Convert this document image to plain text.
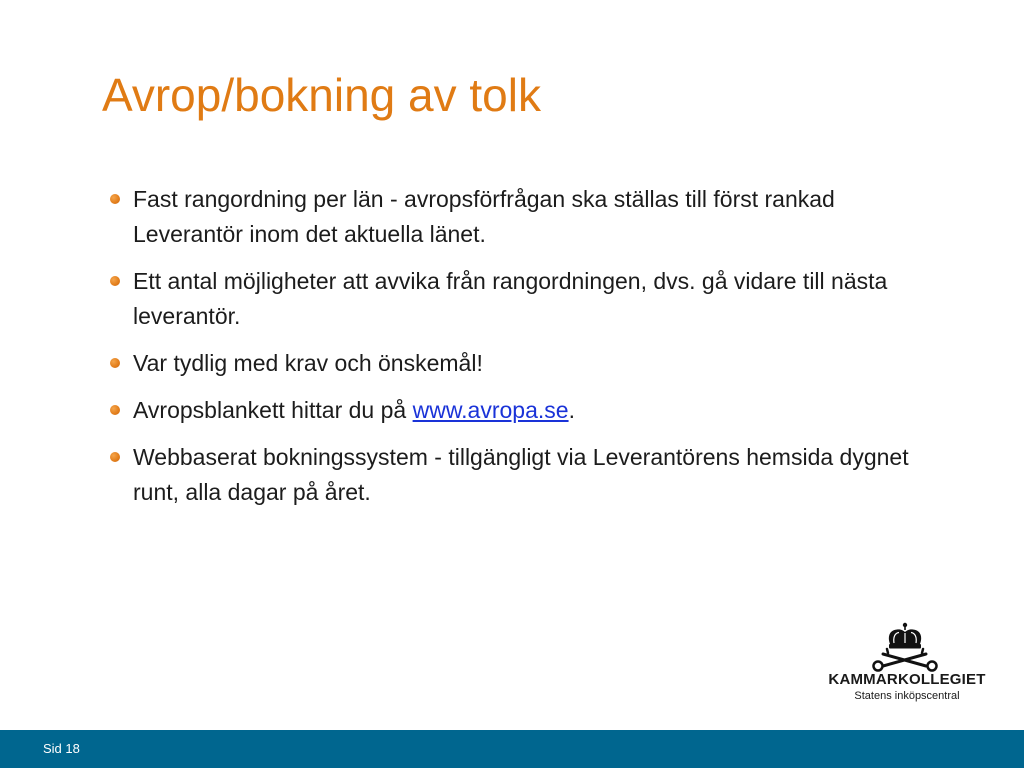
Avrop/bokning av tolk
Fast rangordning per län - avropsförfrågan ska ställas till först rankad Leverantör inom det aktuella länet.
Ett antal möjligheter att avvika från rangordningen, dvs. gå vidare till nästa leverantör.
Var tydlig med krav och önskemål!
Avropsblankett hittar du på www.avropa.se.
Webbaserat bokningssystem - tillgängligt via Leverantörens hemsida dygnet runt, alla dagar på året.
KAMMARKOLLEGIET
Statens inköpscentral
Sid 18
